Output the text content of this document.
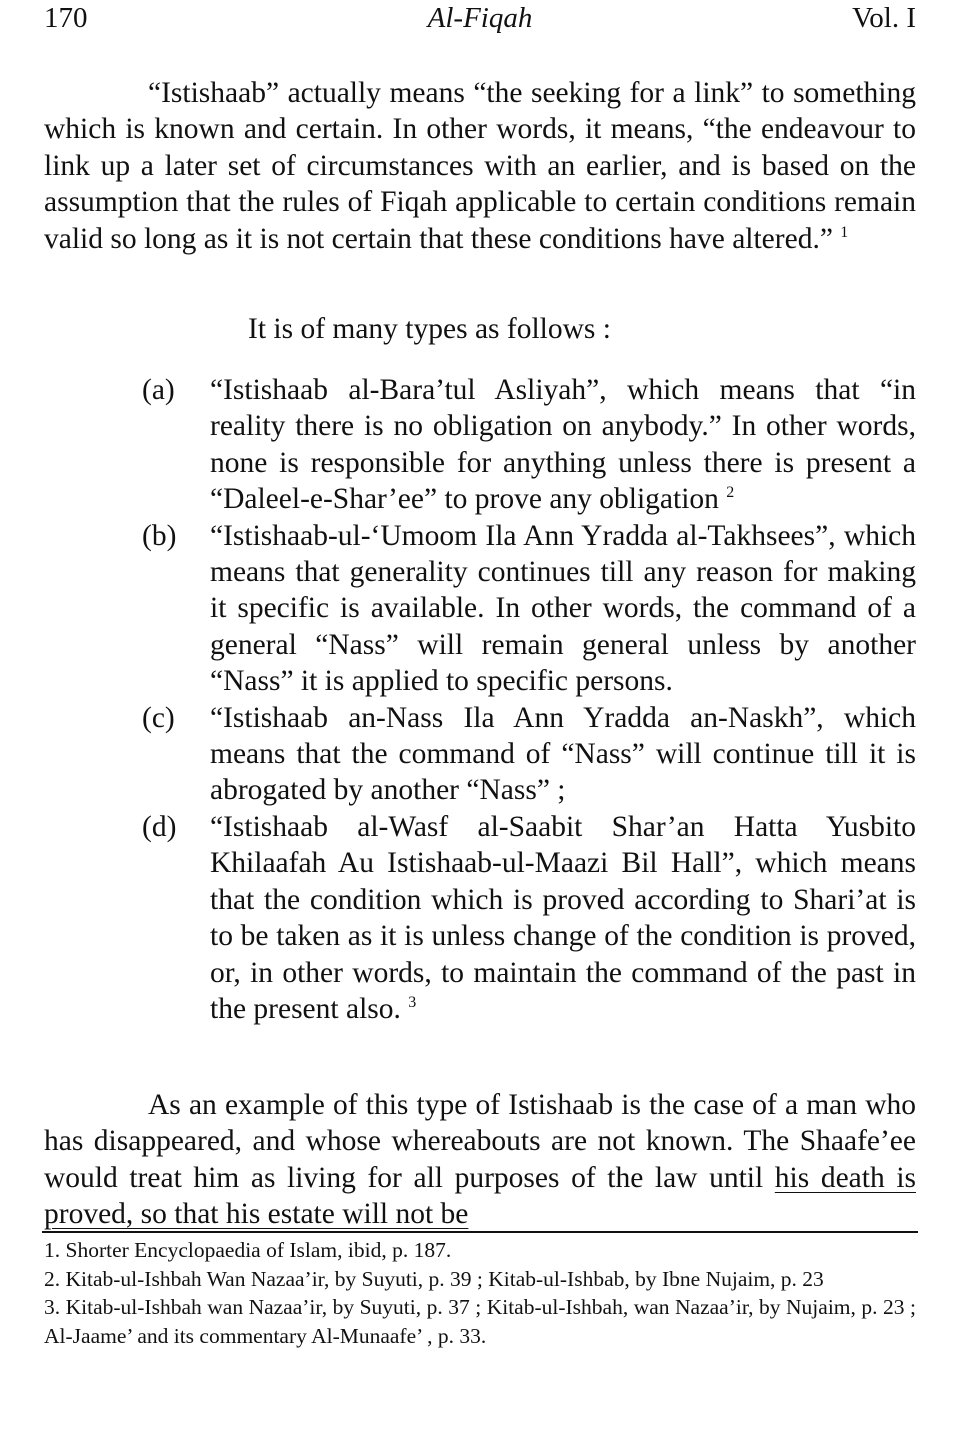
170	Al-Fiqah	Vol. I
“Istishaab” actually means “the seeking for a link” to something which is known and certain. In other words, it means, “the endeavour to link up a later set of circumstances with an earlier, and is based on the assumption that the rules of Fiqah applicable to certain conditions remain valid so long as it is not certain that these conditions have altered.” $^1$
It is of many types as follows :
(a) “Istishaab al-Bara’tul Asliyah”, which means that “in reality there is no obligation on anybody.” In other words, none is responsible for anything unless there is present a “Daleel-e-Shar’ee” to prove any obligation $^2$
(b) “Istishaab-ul-‘Umoom Ila Ann Yradda al-Takhsees”, which means that generality continues till any reason for making it specific is available. In other words, the command of a general “Nass” will remain general unless by another “Nass” it is applied to specific persons.
(c) “Istishaab an-Nass Ila Ann Yradda an-Naskh”, which means that the command of “Nass” will continue till it is abrogated by another “Nass” ;
(d) “Istishaab al-Wasf al-Saabit Shar’an Hatta Yusbito Khilaafah Au Istishaab-ul-Maazi Bil Hall”, which means that the condition which is proved according to Shari’at is to be taken as it is unless change of the condition is proved, or, in other words, to maintain the command of the past in the present also. $^3$
As an example of this type of Istishaab is the case of a man who has disappeared, and whose whereabouts are not known. The Shaafe’ee would treat him as living for all purposes of the law until his death is proved, so that his estate will not be

1. Shorter Encyclopaedia of Islam, ibid, p. 187.

2. Kitab-ul-Ishbah Wan Nazaa’ir, by Suyuti, p. 39 ; Kitab-ul-Ishbab, by Ibne Nujaim, p. 23

3. Kitab-ul-Ishbah wan Nazaa’ir, by Suyuti, p. 37 ; Kitab-ul-Ishbah, wan Nazaa’ir, by Nujaim, p. 23 ; Al-Jaame’ and its commentary Al-Munaafe’ , p. 33.
